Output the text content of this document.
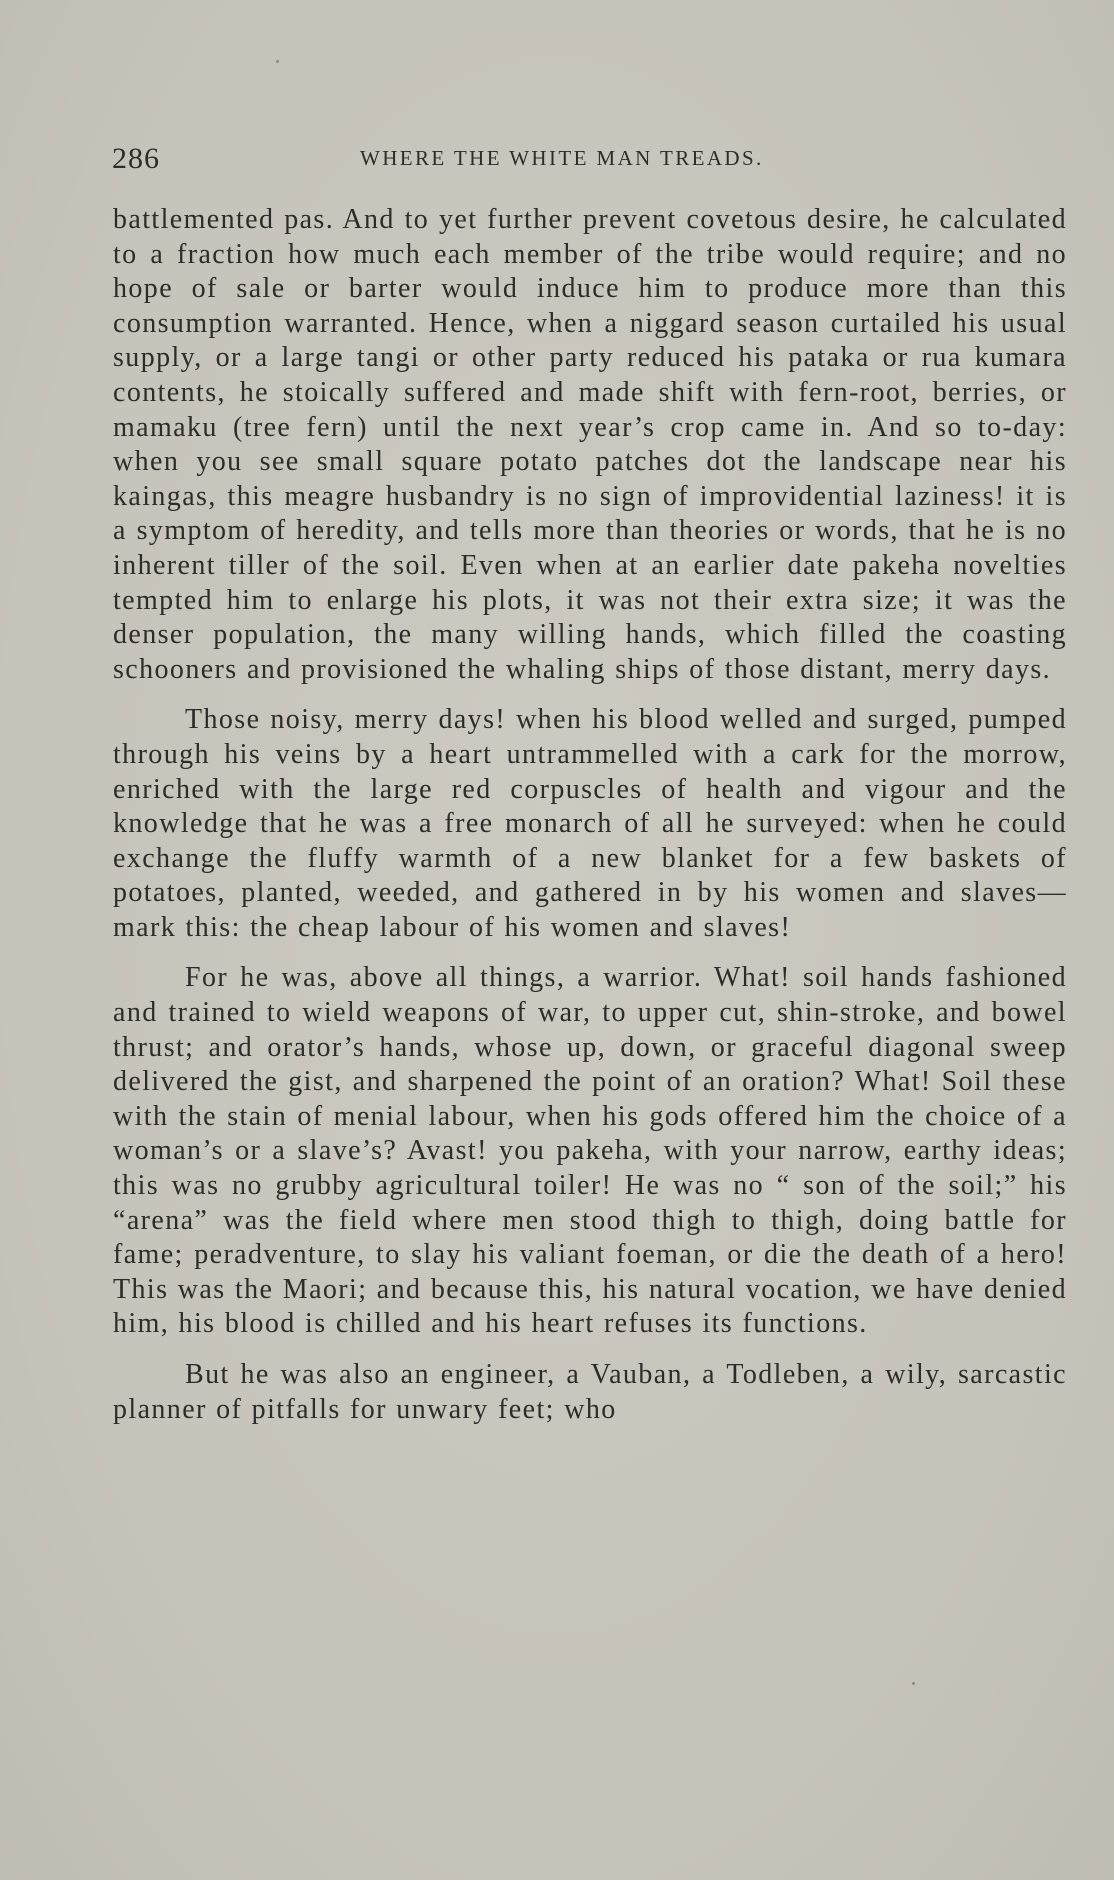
286	WHERE THE WHITE MAN TREADS.

battlemented pas. And to yet further prevent covetous desire, he calculated to a fraction how much each member of the tribe would require; and no hope of sale or barter would induce him to produce more than this consumption warranted. Hence, when a niggard season curtailed his usual supply, or a large tangi or other party reduced his pataka or rua kumara contents, he stoically suffered and made shift with fern-root, berries, or mamaku (tree fern) until the next year’s crop came in. And so to-day: when you see small square potato patches dot the landscape near his kaingas, this meagre husbandry is no sign of improvidential laziness! it is a symptom of heredity, and tells more than theories or words, that he is no inherent tiller of the soil. Even when at an earlier date pakeha novelties tempted him to enlarge his plots, it was not their extra size; it was the denser population, the many willing hands, which filled the coasting schooners and provisioned the whaling ships of those distant, merry days.

Those noisy, merry days! when his blood welled and surged, pumped through his veins by a heart untrammelled with a cark for the morrow, enriched with the large red corpuscles of health and vigour and the knowledge that he was a free monarch of all he surveyed: when he could exchange the fluffy warmth of a new blanket for a few baskets of potatoes, planted, weeded, and gathered in by his women and slaves—mark this: the cheap labour of his women and slaves!

For he was, above all things, a warrior. What! soil hands fashioned and trained to wield weapons of war, to upper cut, shin-stroke, and bowel thrust; and orator’s hands, whose up, down, or graceful diagonal sweep delivered the gist, and sharpened the point of an oration? What! Soil these with the stain of menial labour, when his gods offered him the choice of a woman’s or a slave’s? Avast! you pakeha, with your narrow, earthy ideas; this was no grubby agricultural toiler! He was no “ son of the soil;” his “arena” was the field where men stood thigh to thigh, doing battle for fame; peradventure, to slay his valiant foeman, or die the death of a hero! This was the Maori; and because this, his natural vocation, we have denied him, his blood is chilled and his heart refuses its functions.

But he was also an engineer, a Vauban, a Todleben, a wily, sarcastic planner of pitfalls for unwary feet; who
